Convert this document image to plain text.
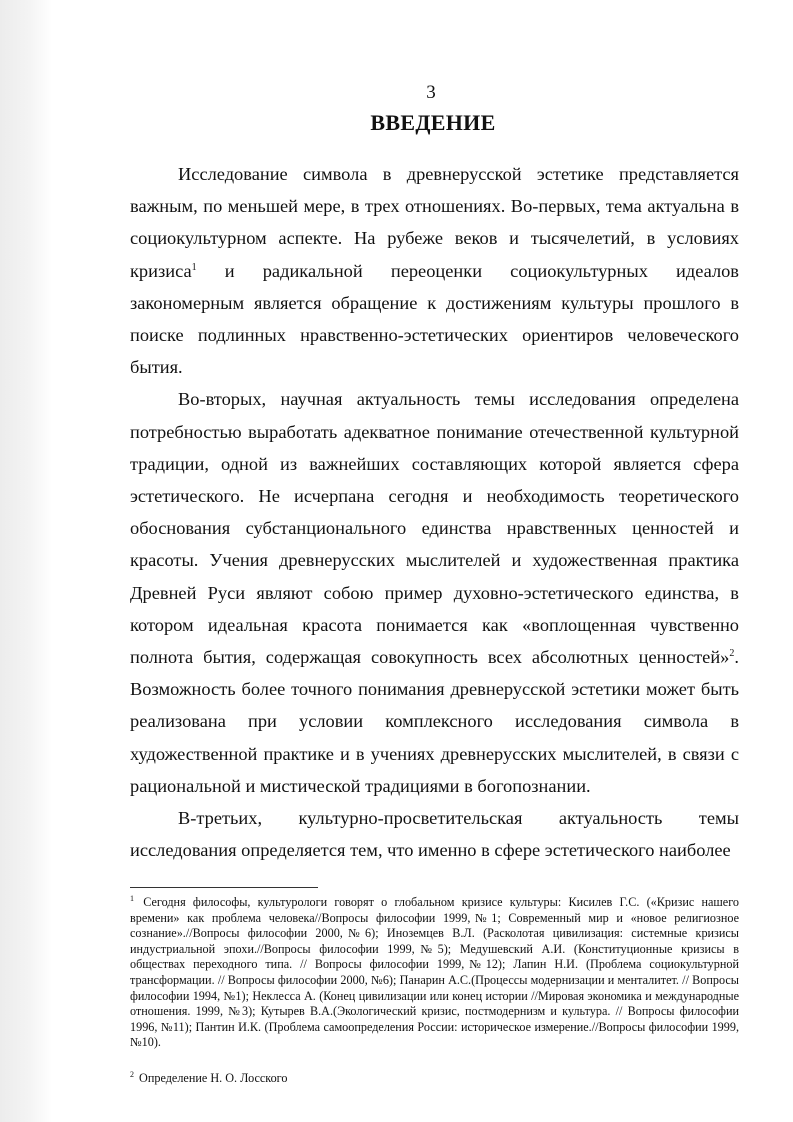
3
ВВЕДЕНИЕ

Исследование символа в древнерусской эстетике представляется важным, по меньшей мере, в трех отношениях. Во-первых, тема актуальна в социокультурном аспекте. На рубеже веков и тысячелетий, в условиях кризиса$^1$ и радикальной переоценки социокультурных идеалов закономерным является обращение к достижениям культуры прошлого в поиске подлинных нравственно-эстетических ориентиров человеческого бытия.

Во-вторых, научная актуальность темы исследования определена потребностью выработать адекватное понимание отечественной культурной традиции, одной из важнейших составляющих которой является сфера эстетического. Не исчерпана сегодня и необходимость теоретического обоснования субстанционального единства нравственных ценностей и красоты. Учения древнерусских мыслителей и художественная практика Древней Руси являют собою пример духовно-эстетического единства, в котором идеальная красота понимается как «воплощенная чувственно полнота бытия, содержащая совокупность всех абсолютных ценностей»$^2$. Возможность более точного понимания древнерусской эстетики может быть реализована при условии комплексного исследования символа в художественной практике и в учениях древнерусских мыслителей, в связи с рациональной и мистической традициями в богопознании.

В-третьих, культурно-просветительская актуальность темы исследования определяется тем, что именно в сфере эстетического наиболее

$^1$ Сегодня философы, культурологи говорят о глобальном кризисе культуры: Кисилев Г.С. («Кризис нашего времени» как проблема человека//Вопросы философии 1999,№1; Современный мир и «новое религиозное сознание».//Вопросы философии 2000,№6); Иноземцев В.Л. (Расколотая цивилизация: системные кризисы индустриальной эпохи.//Вопросы философии 1999,№5); Медушевский А.И. (Конституционные кризисы в обществах переходного типа. // Вопросы философии 1999,№12); Лапин Н.И. (Проблема социокультурной трансформации. // Вопросы философии 2000, №6); Панарин А.С.(Процессы модернизации и менталитет. // Вопросы философии 1994, №1); Неклесса А. (Конец цивилизации или конец истории //Мировая экономика и международные отношения. 1999, №3); Кутырев В.А.(Экологический кризис, постмодернизм и культура. // Вопросы философии 1996, №11); Пантин И.К. (Проблема самоопределения России: историческое измерение.//Вопросы философии 1999, №10).

$^2$ Определение Н. О. Лосского
